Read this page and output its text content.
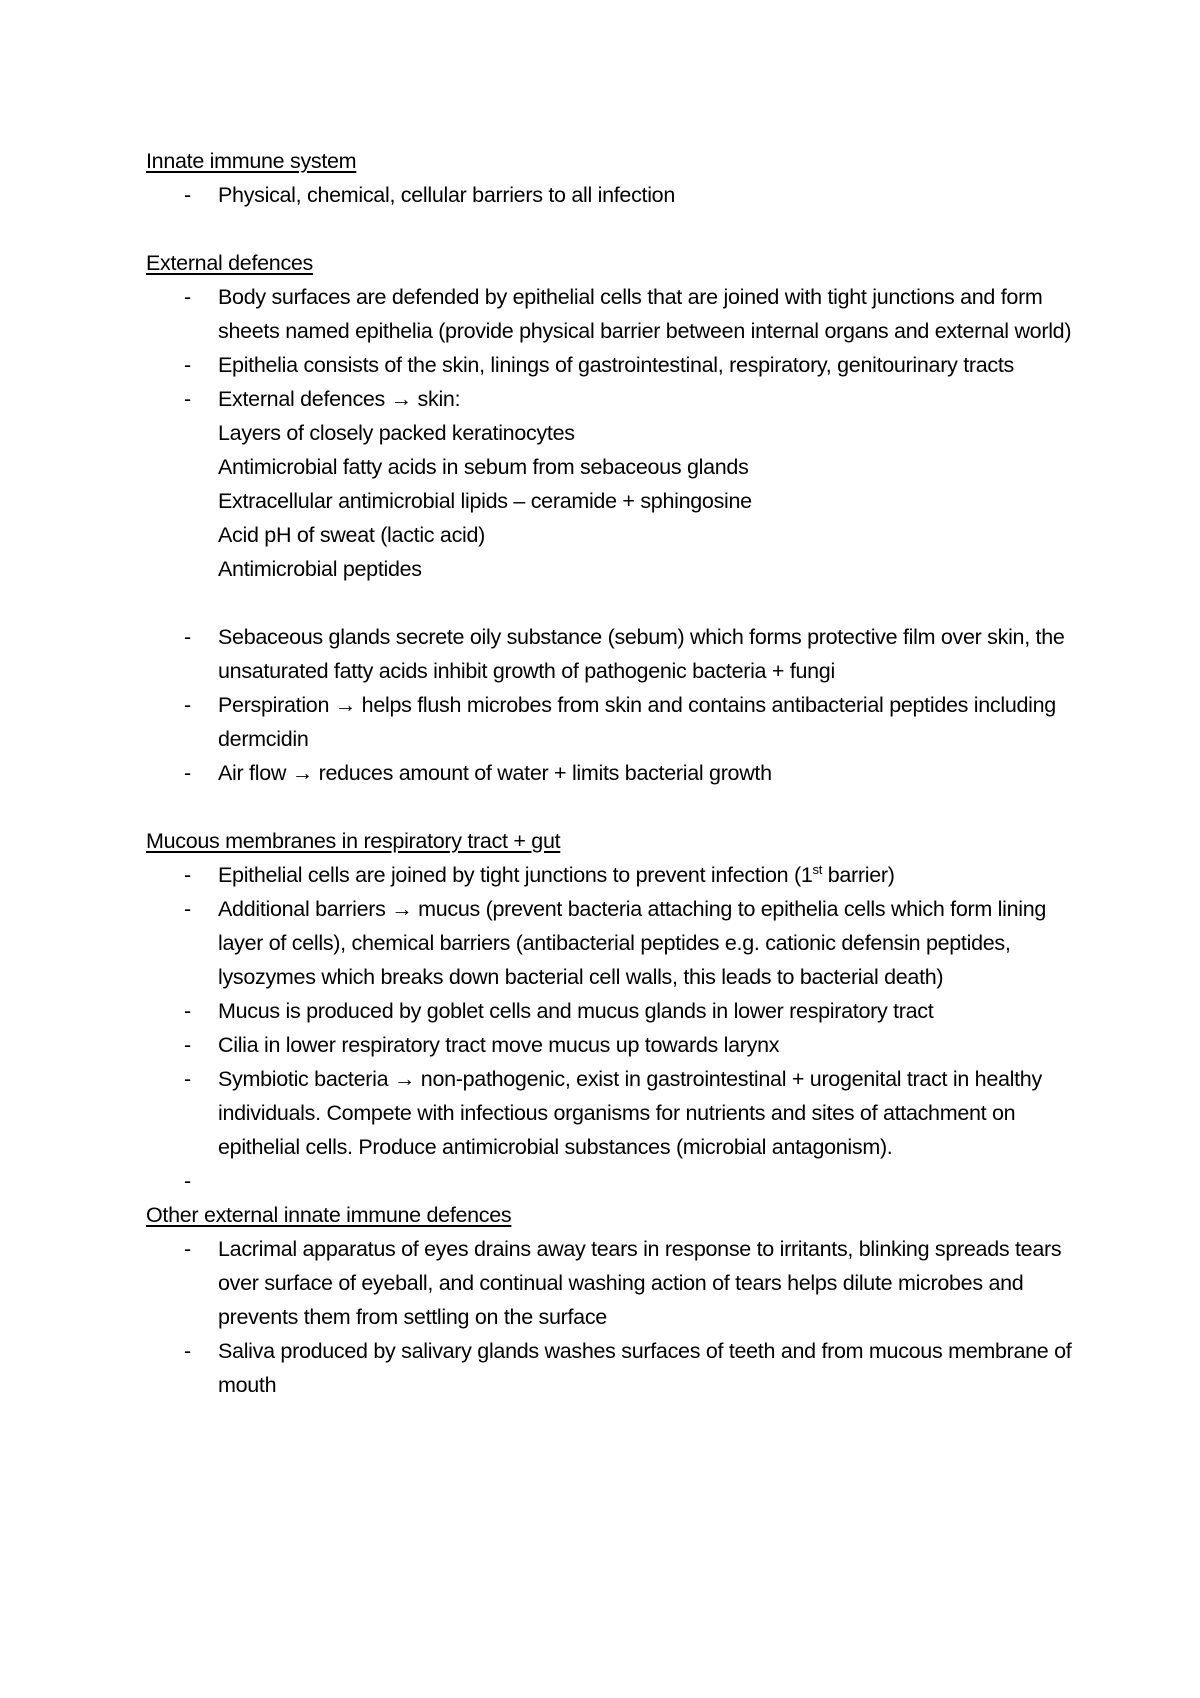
Innate immune system

- Physical, chemical, cellular barriers to all infection

External defences

- Body surfaces are defended by epithelial cells that are joined with tight junctions and form sheets named epithelia (provide physical barrier between internal organs and external world)
- Epithelia consists of the skin, linings of gastrointestinal, respiratory, genitourinary tracts
- External defences → skin:
Layers of closely packed keratinocytes
Antimicrobial fatty acids in sebum from sebaceous glands
Extracellular antimicrobial lipids – ceramide + sphingosine
Acid pH of sweat (lactic acid)
Antimicrobial peptides
- Sebaceous glands secrete oily substance (sebum) which forms protective film over skin, the unsaturated fatty acids inhibit growth of pathogenic bacteria + fungi
- Perspiration → helps flush microbes from skin and contains antibacterial peptides including dermcidin
- Air flow → reduces amount of water + limits bacterial growth

Mucous membranes in respiratory tract + gut

- Epithelial cells are joined by tight junctions to prevent infection (1st barrier)
- Additional barriers → mucus (prevent bacteria attaching to epithelia cells which form lining layer of cells), chemical barriers (antibacterial peptides e.g. cationic defensin peptides, lysozymes which breaks down bacterial cell walls, this leads to bacterial death)
- Mucus is produced by goblet cells and mucus glands in lower respiratory tract
- Cilia in lower respiratory tract move mucus up towards larynx
- Symbiotic bacteria → non-pathogenic, exist in gastrointestinal + urogenital tract in healthy individuals. Compete with infectious organisms for nutrients and sites of attachment on epithelial cells. Produce antimicrobial substances (microbial antagonism).
-

Other external innate immune defences

- Lacrimal apparatus of eyes drains away tears in response to irritants, blinking spreads tears over surface of eyeball, and continual washing action of tears helps dilute microbes and prevents them from settling on the surface
- Saliva produced by salivary glands washes surfaces of teeth and from mucous membrane of mouth
